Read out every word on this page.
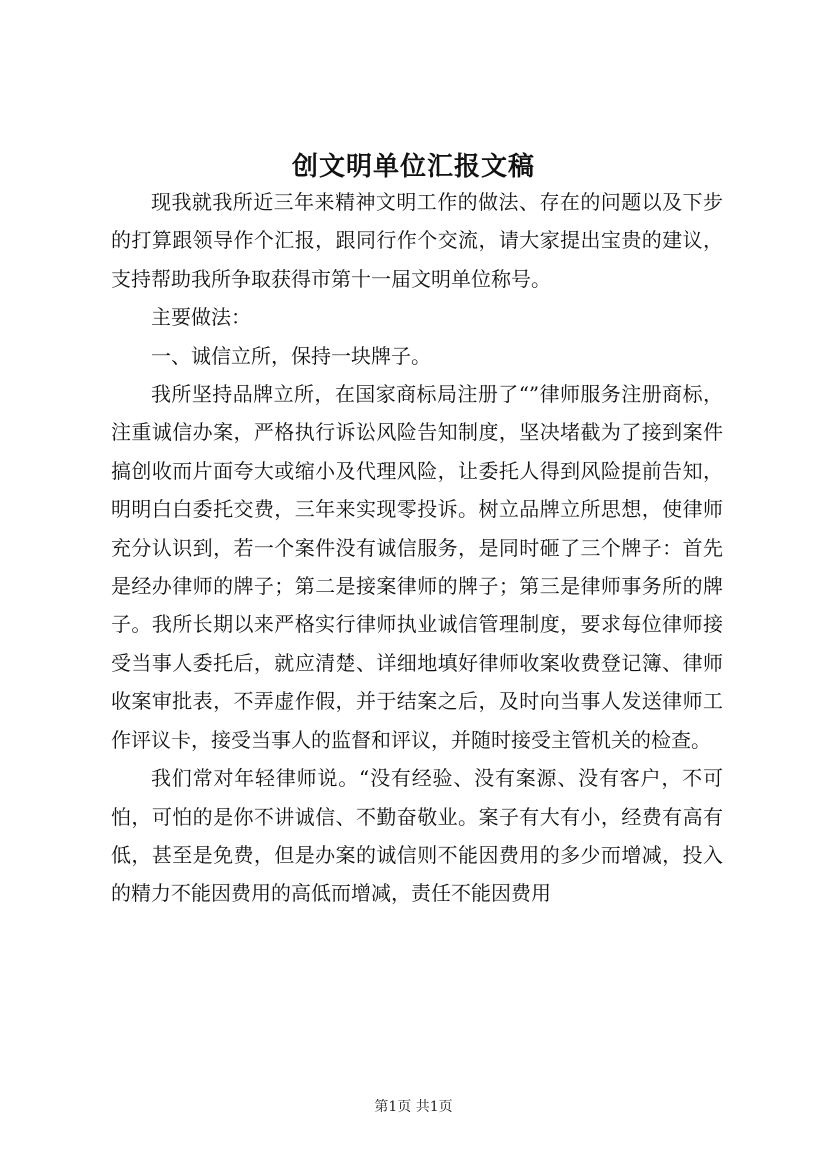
创文明单位汇报文稿

现我就我所近三年来精神文明工作的做法、存在的问题以及下步的打算跟领导作个汇报，跟同行作个交流，请大家提出宝贵的建议，支持帮助我所争取获得市第十一届文明单位称号。

主要做法：

一、诚信立所，保持一块牌子。

我所坚持品牌立所，在国家商标局注册了“”律师服务注册商标，注重诚信办案，严格执行诉讼风险告知制度，坚决堵截为了接到案件搞创收而片面夸大或缩小及代理风险，让委托人得到风险提前告知，明明白白委托交费，三年来实现零投诉。树立品牌立所思想，使律师充分认识到，若一个案件没有诚信服务，是同时砸了三个牌子：首先是经办律师的牌子；第二是接案律师的牌子；第三是律师事务所的牌子。我所长期以来严格实行律师执业诚信管理制度，要求每位律师接受当事人委托后，就应清楚、详细地填好律师收案收费登记簿、律师收案审批表，不弄虚作假，并于结案之后，及时向当事人发送律师工作评议卡，接受当事人的监督和评议，并随时接受主管机关的检查。

我们常对年轻律师说。“没有经验、没有案源、没有客户，不可怕，可怕的是你不讲诚信、不勤奋敬业。案子有大有小，经费有高有低，甚至是免费，但是办案的诚信则不能因费用的多少而增减，投入的精力不能因费用的高低而增减，责任不能因费用

第1页 共1页
